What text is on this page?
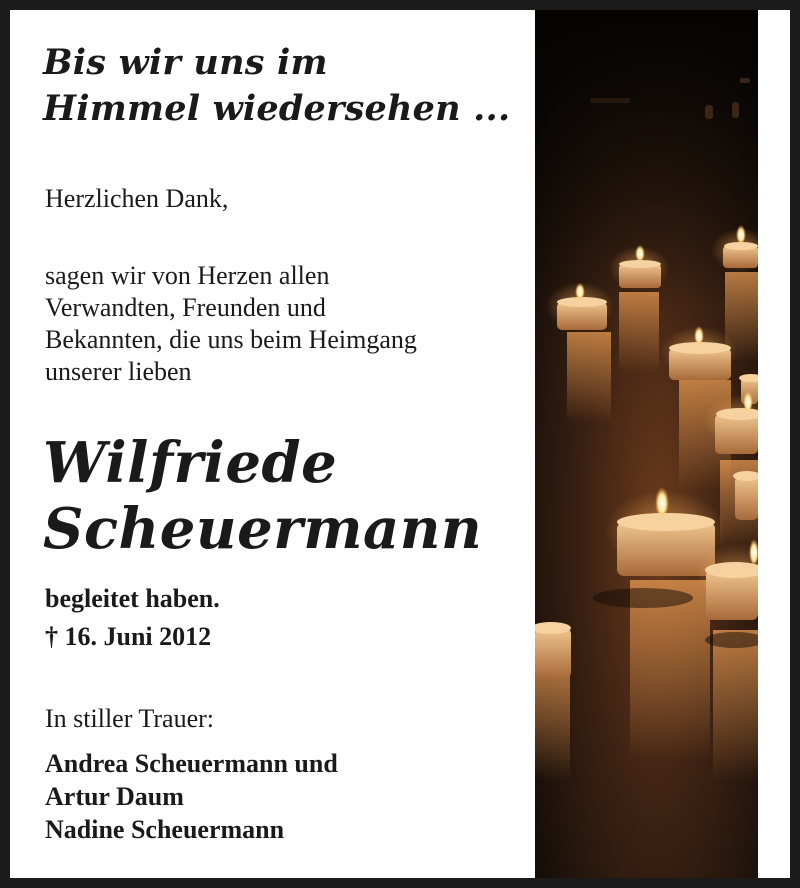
Bis wir uns im
Himmel wiedersehen ...
Herzlichen Dank,
sagen wir von Herzen allen
Verwandten, Freunden und
Bekannten, die uns beim Heimgang
unserer lieben
Wilfriede
Scheuermann
begleitet haben.
† 16. Juni 2012
In stiller Trauer:
Andrea Scheuermann und
Artur Daum
Nadine Scheuermann
